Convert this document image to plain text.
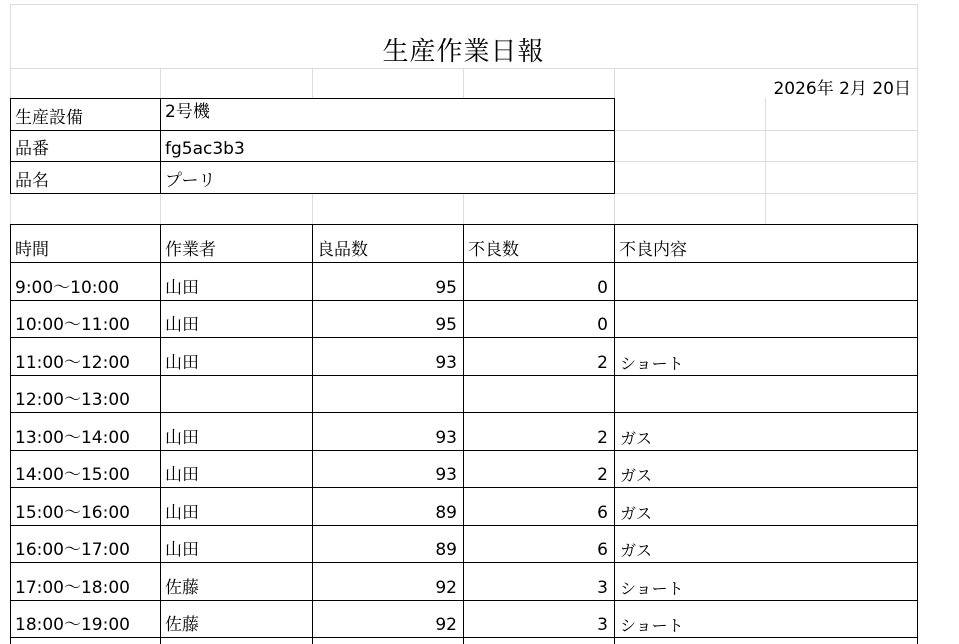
生産作業日報
2026年 2月 20日
生産設備	2号機
品番	fg5ac3b3
品名	プーリ
時間	作業者	良品数	不良数	不良内容
9:00～10:00	山田	95	0
10:00～11:00	山田	95	0
11:00～12:00	山田	93	2 ショート
12:00～13:00
13:00～14:00	山田	93	2 ガス
14:00～15:00	山田	93	2 ガス
15:00～16:00	山田	89	6 ガス
16:00～17:00	山田	89	6 ガス
17:00～18:00	佐藤	92	3 ショート
18:00～19:00	佐藤	92	3 ショート
